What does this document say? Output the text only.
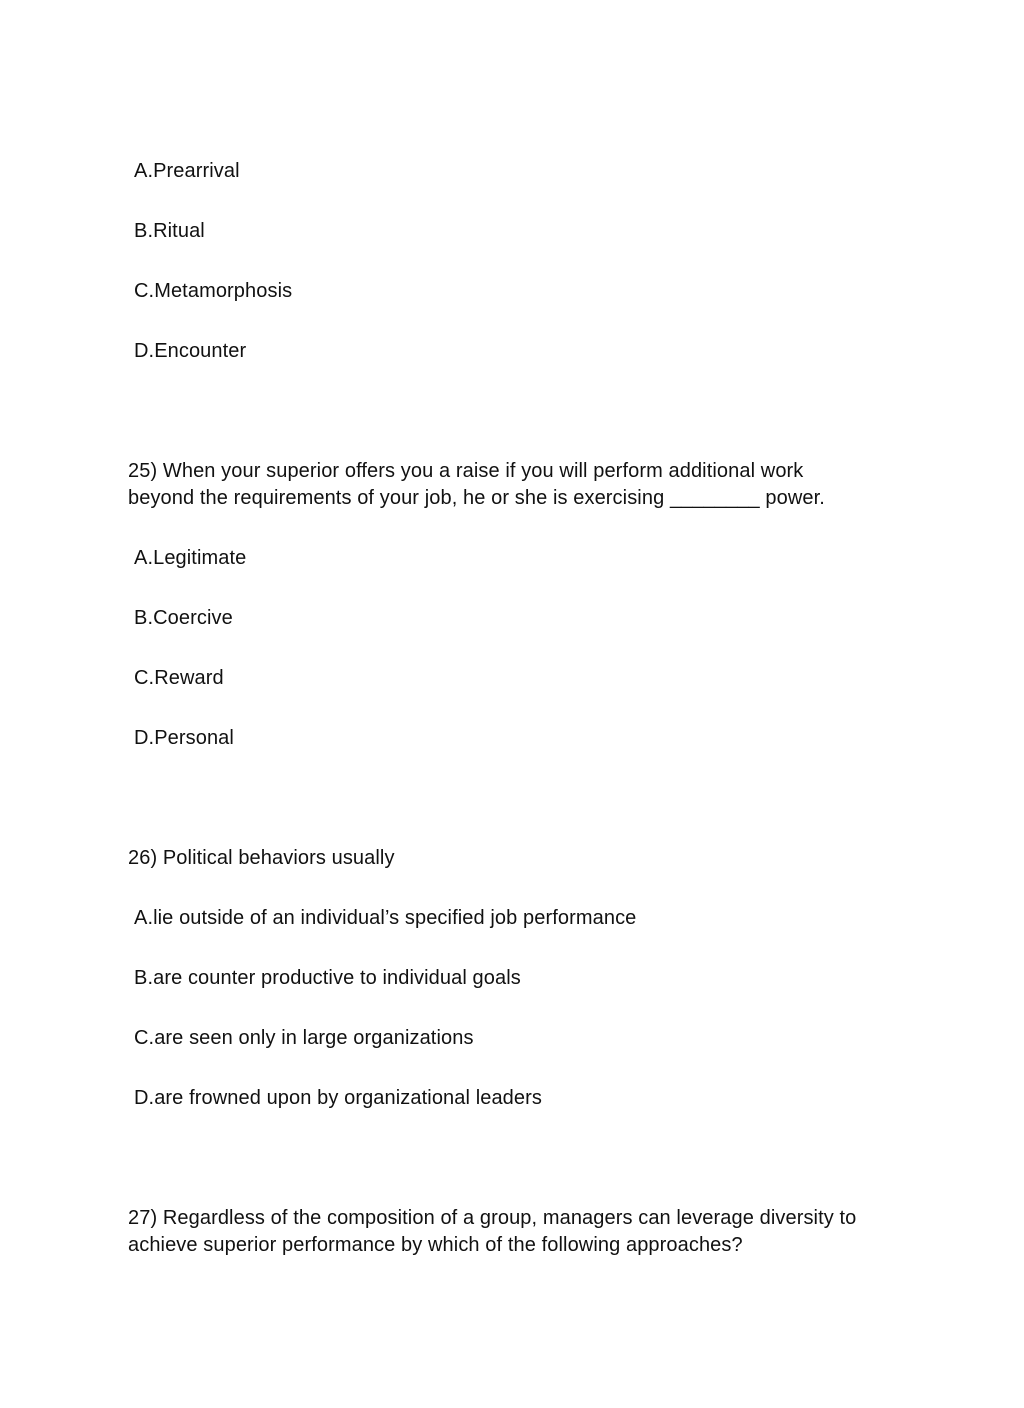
A.Prearrival
B.Ritual
C.Metamorphosis
D.Encounter
25) When your superior offers you a raise if you will perform additional work
beyond the requirements of your job, he or she is exercising ________ power.
A.Legitimate
B.Coercive
C.Reward
D.Personal
26) Political behaviors usually
A.lie outside of an individual’s specified job performance
B.are counter productive to individual goals
C.are seen only in large organizations
D.are frowned upon by organizational leaders
27) Regardless of the composition of a group, managers can leverage diversity to
achieve superior performance by which of the following approaches?
